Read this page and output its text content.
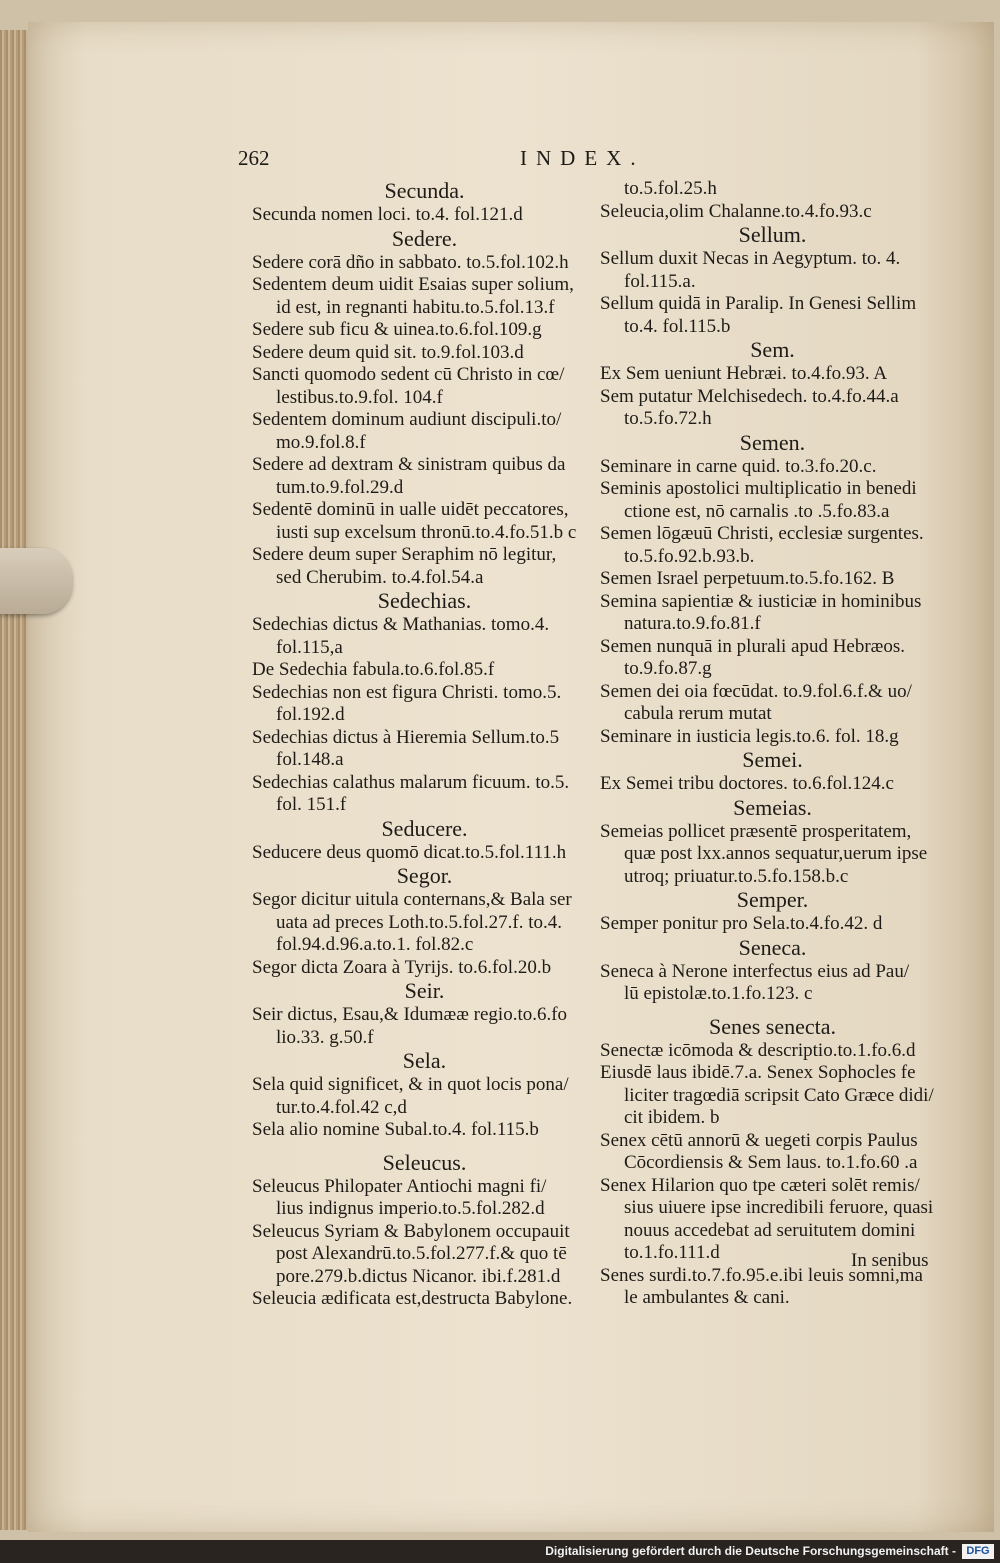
262	INDEX.
Secunda.
Secunda nomen loci. to.4. fol.121.d
Sedere.
Sedere corā dño in sabbato. to.5.fol.102.h
Sedentem deum uidit Esaias super solium,
id est, in regnanti habitu.to.5.fol.13.f
Sedere sub ficu & uinea.to.6.fol.109.g
Sedere deum quid sit. to.9.fol.103.d
Sancti quomodo sedent cū Christo in cœ/
lestibus.to.9.fol. 104.f
Sedentem dominum audiunt discipuli.to/
mo.9.fol.8.f
Sedere ad dextram & sinistram quibus da
tum.to.9.fol.29.d
Sedentē dominū in ualle uidēt peccatores,
iusti sup excelsum thronū.to.4.fo.51.b c
Sedere deum super Seraphim nō legitur,
sed Cherubim. to.4.fol.54.a
Sedechias.
Sedechias dictus & Mathanias. tomo.4.
fol.115,a
De Sedechia fabula.to.6.fol.85.f
Sedechias non est figura Christi. tomo.5.
fol.192.d
Sedechias dictus à Hieremia Sellum.to.5
fol.148.a
Sedechias calathus malarum ficuum. to.5.
fol. 151.f
Seducere.
Seducere deus quomō dicat.to.5.fol.111.h
Segor.
Segor dicitur uitula conternans,& Bala ser
uata ad preces Loth.to.5.fol.27.f. to.4.
fol.94.d.96.a.to.1. fol.82.c
Segor dicta Zoara à Tyrijs. to.6.fol.20.b
Seir.
Seir dictus, Esau,& Idumææ regio.to.6.fo
lio.33. g.50.f
Sela.
Sela quid significet, & in quot locis pona/
tur.to.4.fol.42 c,d
Sela alio nomine Subal.to.4. fol.115.b
Seleucus.
Seleucus Philopater Antiochi magni fi/
lius indignus imperio.to.5.fol.282.d
Seleucus Syriam & Babylonem occupauit
post Alexandrū.to.5.fol.277.f.& quo tē
pore.279.b.dictus Nicanor. ibi.f.281.d
Seleucia ædificata est,destructa Babylone.
to.5.fol.25.h
Seleucia,olim Chalanne.to.4.fo.93.c
Sellum.
Sellum duxit Necas in Aegyptum. to. 4.
fol.115.a.
Sellum quidā in Paralip. In Genesi Sellim
to.4. fol.115.b
Sem.
Ex Sem ueniunt Hebræi. to.4.fo.93. A
Sem putatur Melchisedech. to.4.fo.44.a
to.5.fo.72.h
Semen.
Seminare in carne quid. to.3.fo.20.c.
Seminis apostolici multiplicatio in benedi
ctione est, nō carnalis .to .5.fo.83.a
Semen lōgæuū Christi, ecclesiæ surgentes.
to.5.fo.92.b.93.b.
Semen Israel perpetuum.to.5.fo.162. B
Semina sapientiæ & iusticiæ in hominibus
natura.to.9.fo.81.f
Semen nunquā in plurali apud Hebræos.
to.9.fo.87.g
Semen dei oia fœcūdat. to.9.fol.6.f.& uo/
cabula rerum mutat
Seminare in iusticia legis.to.6. fol. 18.g
Semei.
Ex Semei tribu doctores. to.6.fol.124.c
Semeias.
Semeias pollicet præsentē prosperitatem,
quæ post lxx.annos sequatur,uerum ipse
utroq; priuatur.to.5.fo.158.b.c
Semper.
Semper ponitur pro Sela.to.4.fo.42. d
Seneca.
Seneca à Nerone interfectus eius ad Pau/
lū epistolæ.to.1.fo.123. c
Senes senecta.
Senectæ icōmoda & descriptio.to.1.fo.6.d
Eiusdē laus ibidē.7.a. Senex Sophocles fe
liciter tragœdiā scripsit Cato Græce didi/
cit ibidem. b
Senex cētū annorū & uegeti corpis Paulus
Cōcordiensis & Sem laus. to.1.fo.60 .a
Senex Hilarion quo tpe cæteri solēt remis/
sius uiuere ipse incredibili feruore, quasi
nouus accedebat ad seruitutem domini
to.1.fo.111.d
Senes surdi.to.7.fo.95.e.ibi leuis somni,ma
le ambulantes & cani.
In senibus
Digitalisierung gefördert durch die Deutsche Forschungsgemeinschaft - DFG
